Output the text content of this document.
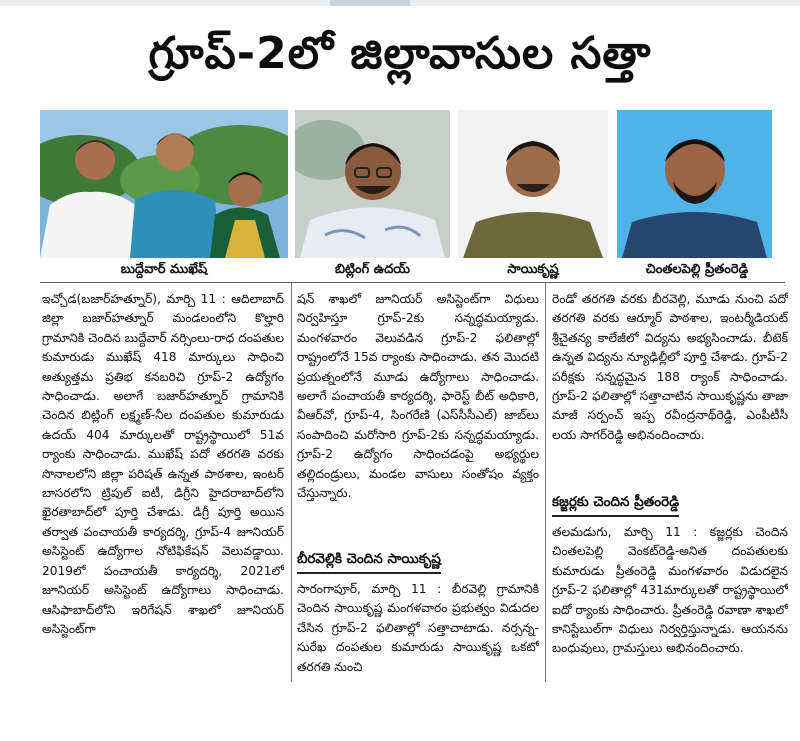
గ్రూప్-2లో జిల్లావాసుల సత్తా
బుద్దేవార్ ముఖేష్	బిట్లింగ్ ఉదయ్	సాయికృష్ణ	చింతలపెల్లి ప్రీతంరెడ్డి
ఇచ్చోడ(బజార్‌హత్నూర్), మార్చి 11 : ఆదిలాబాద్ జిల్లా బజార్‌హత్నూర్ మండలంలోని కొల్హారి గ్రామానికి చెందిన బుద్దేవార్ నర్సింలు-రాధ దంపతుల కుమారుడు ముఖేష్ 418 మార్కులు సాధించి అత్యుత్తమ ప్రతిభ కనబరిచి గ్రూప్-2 ఉద్యోగం సాధించాడు. అలాగే బజార్‌హత్నూర్ గ్రామానికి చెందిన బిట్లింగ్ లక్ష్మణ్-నీల దంపతుల కుమారుడు ఉదయ్ 404 మార్కులతో రాష్ట్రస్థాయిలో 51వ ర్యాంకు సాధించాడు. ముఖేష్ పదో తరగతి వరకు సొనాలలోని జిల్లా పరిషత్ ఉన్నత పాఠశాల, ఇంటర్ బాసరలోని ట్రిపుల్ ఐటీ, డిగ్రీని హైదరాబాద్‌లోని ఖైరతాబాద్‌లో పూర్తి చేశాడు. డిగ్రీ పూర్తి అయిన తర్వాత పంచాయతీ కార్యదర్శి, గ్రూప్-4 జూనియర్ అసిస్టెంట్ ఉద్యోగాల నోటిఫికేషన్ వెలువడ్డాయి. 2019లో పంచాయతీ కార్యదర్శి, 2021లో జూనియర్ అసిస్టెంట్ ఉద్యోగాలు సాధించాడు. ఆసిఫాబాద్‌లోని ఇరిగేషన్ శాఖలో జూనియర్ అసిస్టెంట్‌గా
షన్ శాఖలో జూనియర్ అసిస్టెంట్‌గా విధులు నిర్వహిస్తూ గ్రూప్-2కు సన్నద్ధమయ్యాడు. మంగళవారం వెలువడిన గ్రూప్-2 ఫలితాల్లో రాష్ట్రంలోనే 15వ ర్యాంకు సాధించాడు. తన మొదటి ప్రయత్నంలోనే మూడు ఉద్యోగాలు సాధించాడు. అలాగే పంచాయతీ కార్యదర్శి, ఫారెస్ట్ బీట్ అధికారి, వీఆర్‌వో, గ్రూప్-4, సింగరేణి (ఎస్‌సీసీఎల్) జాబ్‌లు సంపాదించి మరోసారి గ్రూప్-2కు సన్నద్ధమయ్యాడు. గ్రూప్-2 ఉద్యోగం సాధించడంపై అభ్యర్థుల తల్లిదండ్రులు, మండల వాసులు సంతోషం వ్యక్తం చేస్తున్నారు.
బీరవెల్లికి చెందిన సాయికృష్ణ
సారంగాపూర్, మార్చి 11 : బీరవెల్లి గ్రామానికి చెందిన సాయికృష్ణ మంగళవారం ప్రభుత్వం విడుదల చేసిన గ్రూప్-2 ఫలితాల్లో సత్తాచాటాడు. నర్సన్న-సురేఖ దంపతుల కుమారుడు సాయికృష్ణ ఒకటో తరగతి నుంచి
రెండో తరగతి వరకు బీరవెల్లి, మూడు నుంచి పదో తరగతి వరకు ఆర్మూర్ పాఠశాల, ఇంటర్మీడియట్ శ్రీచైతన్య కాలేజీలో విద్యను అభ్యసించాడు. బీటెక్ ఉన్నత విద్యను న్యూఢిల్లీలో పూర్తి చేశాడు. గ్రూప్-2 పరీక్షకు సన్నద్ధమైన 188 ర్యాంక్ సాధించాడు. గ్రూప్-2 ఫలితాల్లో సత్తాచాటిన సాయికృష్ణను తాజా మాజీ సర్పంచ్ ఇప్ప రవీంద్రనాథ్‌రెడ్డి, ఎంపీటీసీ లయ సాగర్‌రెడ్డి అభినందించారు.
కజ్జర్లకు చెందిన ప్రీతంరెడ్డి
తలమడుగు, మార్చి 11 : కజ్జర్లకు చెందిన చింతలపెల్లి వెంకట్‌రెడ్డి-అనిత దంపతులకు కుమారుడు ప్రీతంరెడ్డి మంగళవారం విడుదలైన గ్రూప్-2 ఫలితాల్లో 431మార్కులతో రాష్ట్రస్థాయిలో ఐదో ర్యాంకు సాధించారు. ప్రీతంరెడ్డి రవాణా శాఖలో కానిస్టేబుల్‌గా విధులు నిర్వర్తిస్తున్నాడు. ఆయనను బంధువులు, గ్రామస్తులు అభినందించారు.
